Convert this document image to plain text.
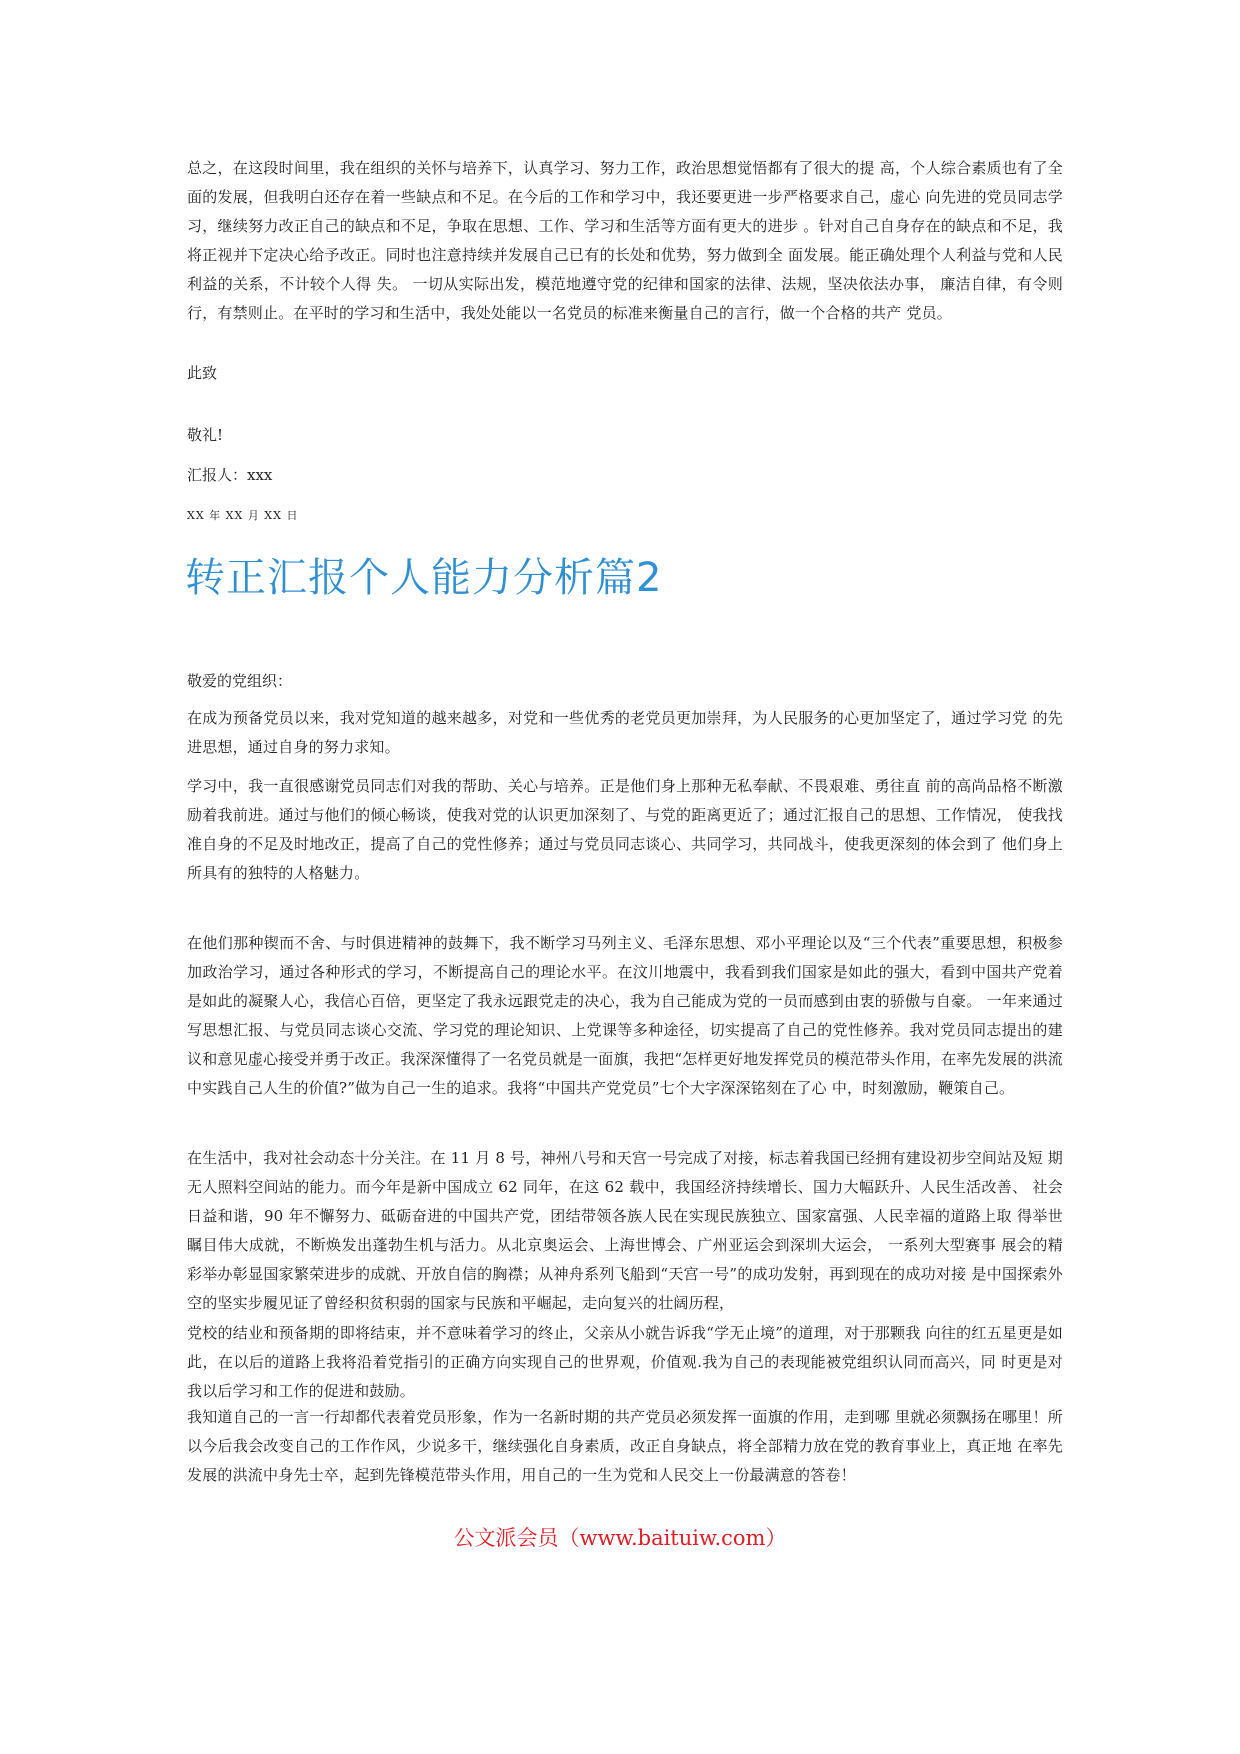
总之，在这段时间里，我在组织的关怀与培养下，认真学习、努力工作，政治思想觉悟都有了很大的提 高，个人综合素质也有了全面的发展，但我明白还存在着一些缺点和不足。在今后的工作和学习中，我还要更进一步严格要求自己，虚心 向先进的党员同志学习，继续努力改正自己的缺点和不足，争取在思想、工作、学习和生活等方面有更大的进步 。针对自己自身存在的缺点和不足，我将正视并下定决心给予改正。同时也注意持续并发展自己已有的长处和优势，努力做到全 面发展。能正确处理个人利益与党和人民利益的关系，不计较个人得 失。 一切从实际出发，模范地遵守党的纪律和国家的法律、法规，坚决依法办事， 廉洁自律，有令则行，有禁则止。在平时的学习和生活中，我处处能以一名党员的标准来衡量自己的言行，做一个合格的共产 党员。

此致

敬礼!

汇报人：xxx

XX 年 XX 月 XX 日

转正汇报个人能力分析篇2

敬爱的党组织：

在成为预备党员以来，我对党知道的越来越多，对党和一些优秀的老党员更加崇拜，为人民服务的心更加坚定了，通过学习党 的先进思想，通过自身的努力求知。

学习中，我一直很感谢党员同志们对我的帮助、关心与培养。正是他们身上那种无私奉献、不畏艰难、勇往直 前的高尚品格不断激励着我前进。通过与他们的倾心畅谈，使我对党的认识更加深刻了、与党的距离更近了；通过汇报自己的思想、工作情况， 使我找准自身的不足及时地改正，提高了自己的党性修养；通过与党员同志谈心、共同学习，共同战斗，使我更深刻的体会到了 他们身上所具有的独特的人格魅力。

在他们那种锲而不舍、与时俱进精神的鼓舞下，我不断学习马列主义、毛泽东思想、邓小平理论以及“三个代表”重要思想，积极参加政治学习，通过各种形式的学习，不断提高自己的理论水平。在汶川地震中，我看到我们国家是如此的强大，看到中国共产党着是如此的凝聚人心，我信心百倍，更坚定了我永远跟党走的决心，我为自己能成为党的一员而感到由衷的骄傲与自豪。 一年来通过写思想汇报、与党员同志谈心交流、学习党的理论知识、上党课等多种途径，切实提高了自己的党性修养。我对党员同志提出的建议和意见虚心接受并勇于改正。我深深懂得了一名党员就是一面旗，我把“怎样更好地发挥党员的模范带头作用，在率先发展的洪流中实践自己人生的价值?”做为自己一生的追求。我将“中国共产党党员”七个大字深深铭刻在了心 中，时刻激励，鞭策自己。

在生活中，我对社会动态十分关注。在 11 月 8 号，神州八号和天宫一号完成了对接，标志着我国已经拥有建设初步空间站及短 期无人照料空间站的能力。而今年是新中国成立 62 同年，在这 62 载中，我国经济持续增长、国力大幅跃升、人民生活改善、 社会日益和谐，90 年不懈努力、砥砺奋进的中国共产党，团结带领各族人民在实现民族独立、国家富强、人民幸福的道路上取 得举世瞩目伟大成就，不断焕发出蓬勃生机与活力。从北京奥运会、上海世博会、广州亚运会到深圳大运会， 一系列大型赛事 展会的精彩举办彰显国家繁荣进步的成就、开放自信的胸襟；从神舟系列飞船到“天宫一号”的成功发射，再到现在的成功对接 是中国探索外空的坚实步履见证了曾经积贫积弱的国家与民族和平崛起，走向复兴的壮阔历程，

党校的结业和预备期的即将结束，并不意味着学习的终止，父亲从小就告诉我“学无止境”的道理，对于那颗我 向往的红五星更是如此，在以后的道路上我将沿着党指引的正确方向实现自己的世界观，价值观.我为自己的表现能被党组织认同而高兴，同 时更是对我以后学习和工作的促进和鼓励。

我知道自己的一言一行却都代表着党员形象，作为一名新时期的共产党员必须发挥一面旗的作用，走到哪 里就必须飘扬在哪里！所以今后我会改变自己的工作作风，少说多干，继续强化自身素质，改正自身缺点，将全部精力放在党的教育事业上，真正地 在率先发展的洪流中身先士卒，起到先锋模范带头作用，用自己的一生为党和人民交上一份最满意的答卷！

公文派会员（www.baituiw.com）
